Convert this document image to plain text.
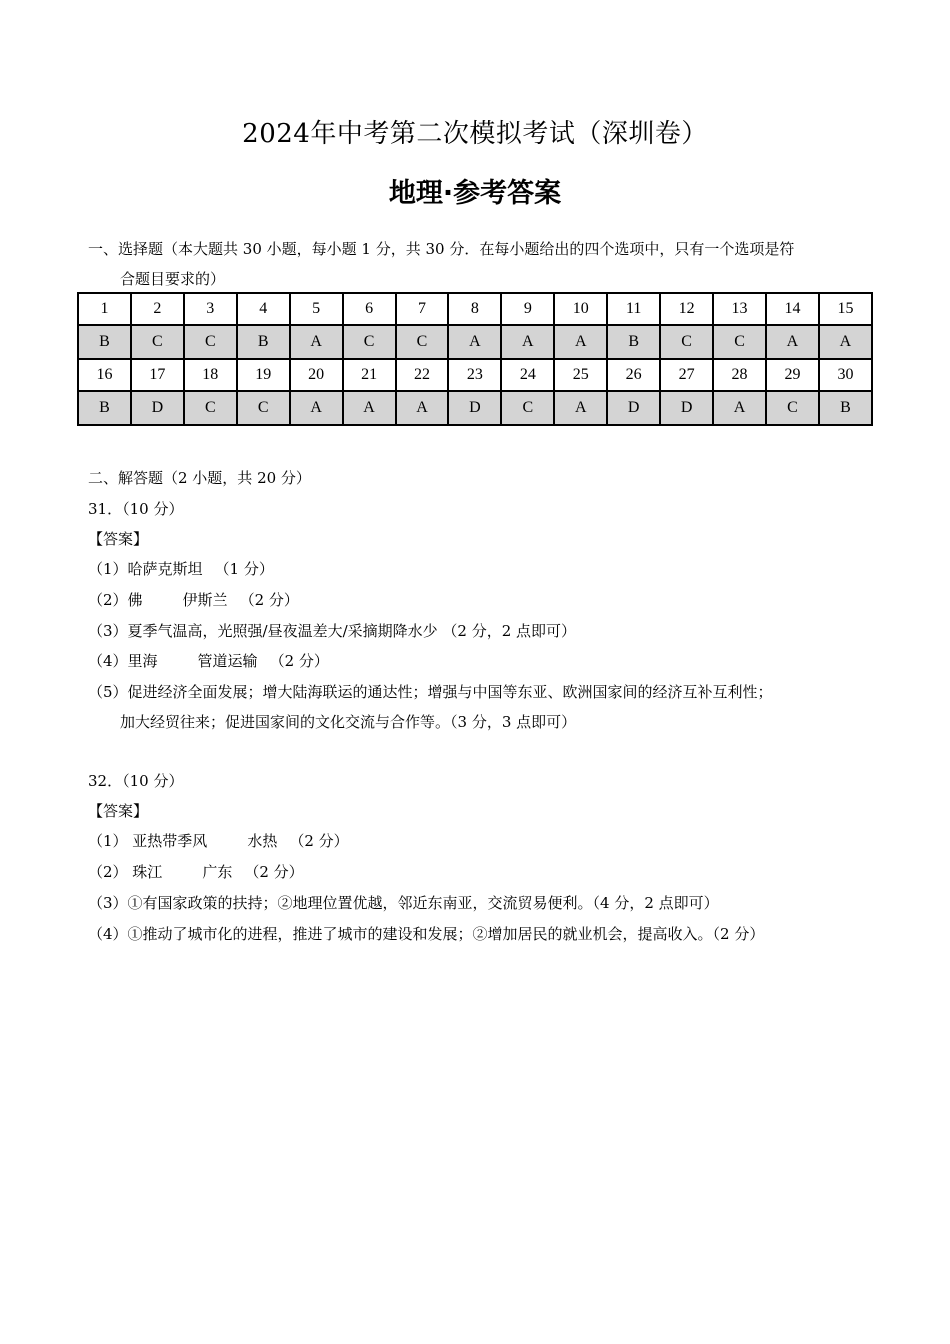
2024年中考第二次模拟考试（深圳卷）
地理·参考答案
一、选择题（本大题共 30 小题，每小题 1 分，共 30 分．在每小题给出的四个选项中，只有一个选项是符
合题目要求的）
1	2	3	4	5	6	7	8	9	10	11	12	13	14	15
B	C	C	B	A	C	C	A	A	A	B	C	C	A	A
16	17	18	19	20	21	22	23	24	25	26	27	28	29	30
B	D	C	C	A	A	A	D	C	A	D	D	A	C	B
二、解答题（2 小题，共 20 分）
31．（10 分）
【答案】
（1）哈萨克斯坦 （1 分）
（2）佛	伊斯兰 （2 分）
（3）夏季气温高，光照强/昼夜温差大/采摘期降水少 （2 分，2 点即可）
（4）里海	管道运输 （2 分）
（5）促进经济全面发展；增大陆海联运的通达性；增强与中国等东亚、欧洲国家间的经济互补互利性；
加大经贸往来；促进国家间的文化交流与合作等。（3 分，3 点即可）
32．（10 分）
【答案】
（1） 亚热带季风	水热 （2 分）
（2） 珠江	广东 （2 分）
（3）①有国家政策的扶持；②地理位置优越，邻近东南亚，交流贸易便利。（4 分，2 点即可）
（4）①推动了城市化的进程，推进了城市的建设和发展；②增加居民的就业机会，提高收入。（2 分）
